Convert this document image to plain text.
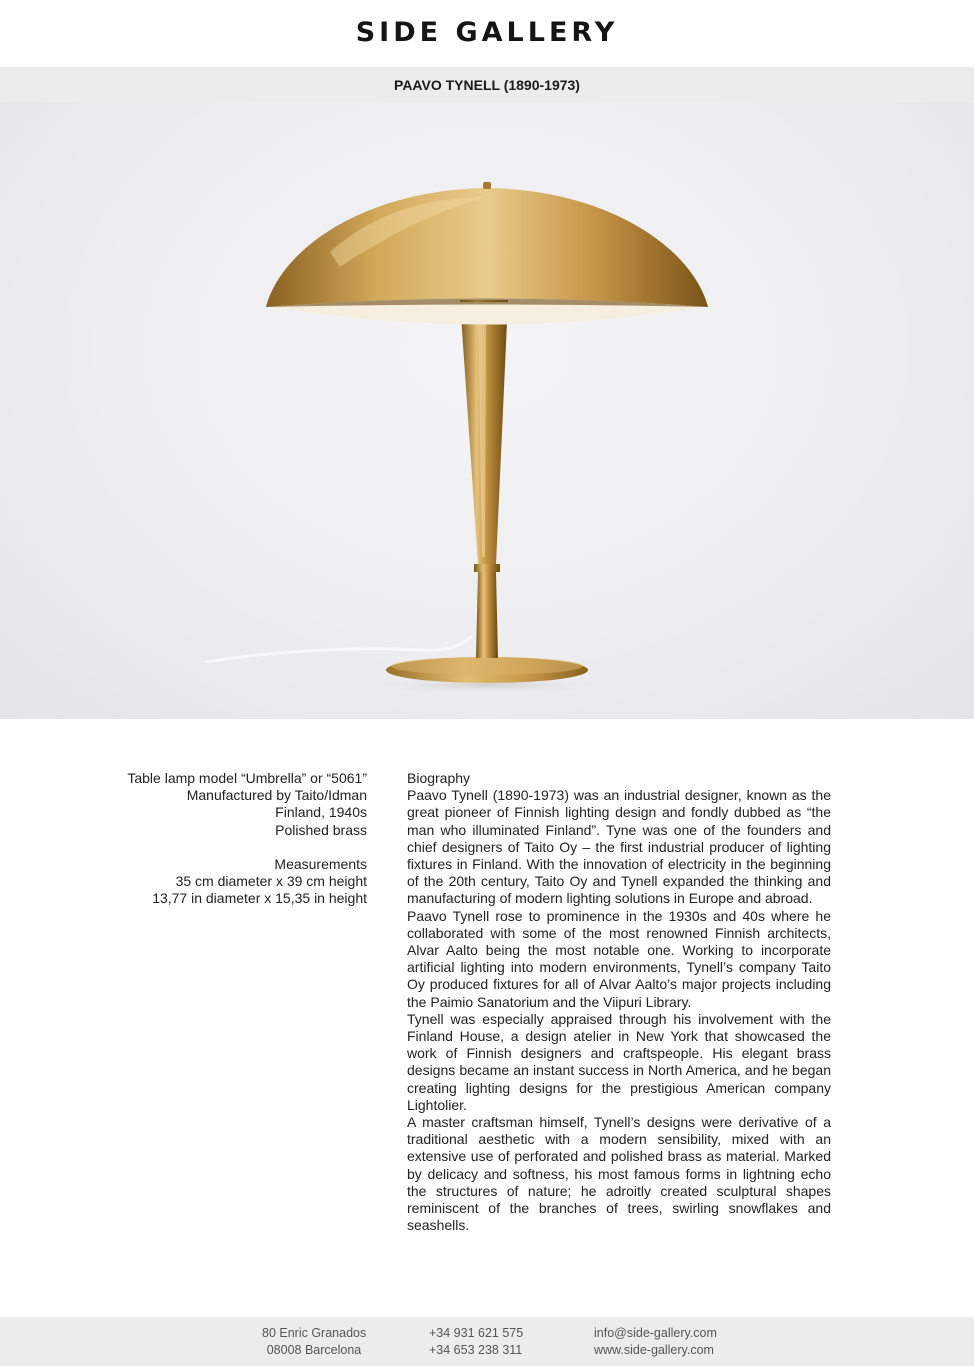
SIDE GALLERY
PAAVO TYNELL (1890-1973)
Table lamp model “Umbrella” or “5061”
Manufactured by Taito/Idman
Finland, 1940s
Polished brass
Measurements
35 cm diameter x 39 cm height
13,77 in diameter x 15,35 in height

Biography

Paavo Tynell (1890-1973) was an industrial designer, known as the great pioneer of Finnish lighting design and fondly dubbed as “the man who illuminated Finland”. Tyne was one of the founders and chief designers of Taito Oy – the first industrial producer of lighting fixtures in Finland. With the innovation of electricity in the beginning of the 20th century, Taito Oy and Tynell expanded the thinking and manufacturing of modern lighting solutions in Europe and abroad.

Paavo Tynell rose to prominence in the 1930s and 40s where he collaborated with some of the most renowned Finnish architects, Alvar Aalto being the most notable one. Working to incorporate artificial lighting into modern environments, Tynell’s company Taito Oy produced fixtures for all of Alvar Aalto’s major projects including the Paimio Sanatorium and the Viipuri Library.

Tynell was especially appraised through his involvement with the Finland House, a design atelier in New York that showcased the work of Finnish designers and craftspeople. His elegant brass designs became an instant success in North America, and he began creating lighting designs for the prestigious American company Lightolier.

A master craftsman himself, Tynell’s designs were derivative of a traditional aesthetic with a modern sensibility, mixed with an extensive use of perforated and polished brass as material. Marked by delicacy and softness, his most famous forms in lightning echo the structures of nature; he adroitly created sculptural shapes reminiscent of the branches of trees, swirling snowflakes and seashells.

80 Enric Granados
08008 Barcelona
+34 931 621 575
+34 653 238 311
info@side-gallery.com
www.side-gallery.com
